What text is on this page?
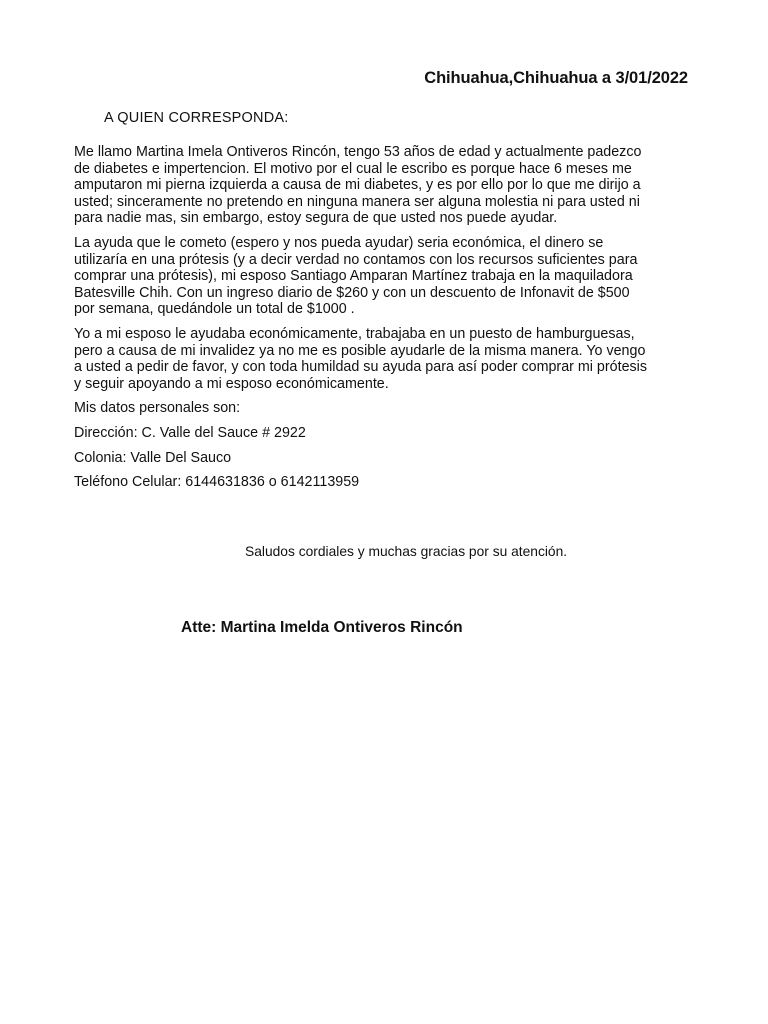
Chihuahua,Chihuahua a 3/01/2022
A QUIEN CORRESPONDA:

Me llamo Martina Imela Ontiveros Rincón, tengo 53 años de edad y actualmente padezco
de diabetes e impertencion. El motivo por el cual le escribo es porque hace 6 meses me
amputaron mi pierna izquierda a causa de mi diabetes, y es por ello por lo que me dirijo a
usted; sinceramente no pretendo en ninguna manera ser alguna molestia ni para usted ni
para nadie mas, sin embargo, estoy segura de que usted nos puede ayudar.

La ayuda que le cometo (espero y nos pueda ayudar) seria económica, el dinero se
utilizaría en una prótesis (y a decir verdad no contamos con los recursos suficientes para
comprar una prótesis), mi esposo Santiago Amparan Martínez trabaja en la maquiladora
Batesville Chih. Con un ingreso diario de $260 y con un descuento de Infonavit de $500
por semana, quedándole un total de $1000 .

Yo a mi esposo le ayudaba económicamente, trabajaba en un puesto de hamburguesas,
pero a causa de mi invalidez ya no me es posible ayudarle de la misma manera. Yo vengo
a usted a pedir de favor, y con toda humildad su ayuda para así poder comprar mi prótesis
y seguir apoyando a mi esposo económicamente.

Mis datos personales son:

Dirección: C. Valle del Sauce # 2922

Colonia: Valle Del Sauco

Teléfono Celular: 6144631836 o 6142113959

Saludos cordiales y muchas gracias por su atención.
Atte: Martina Imelda Ontiveros Rincón
